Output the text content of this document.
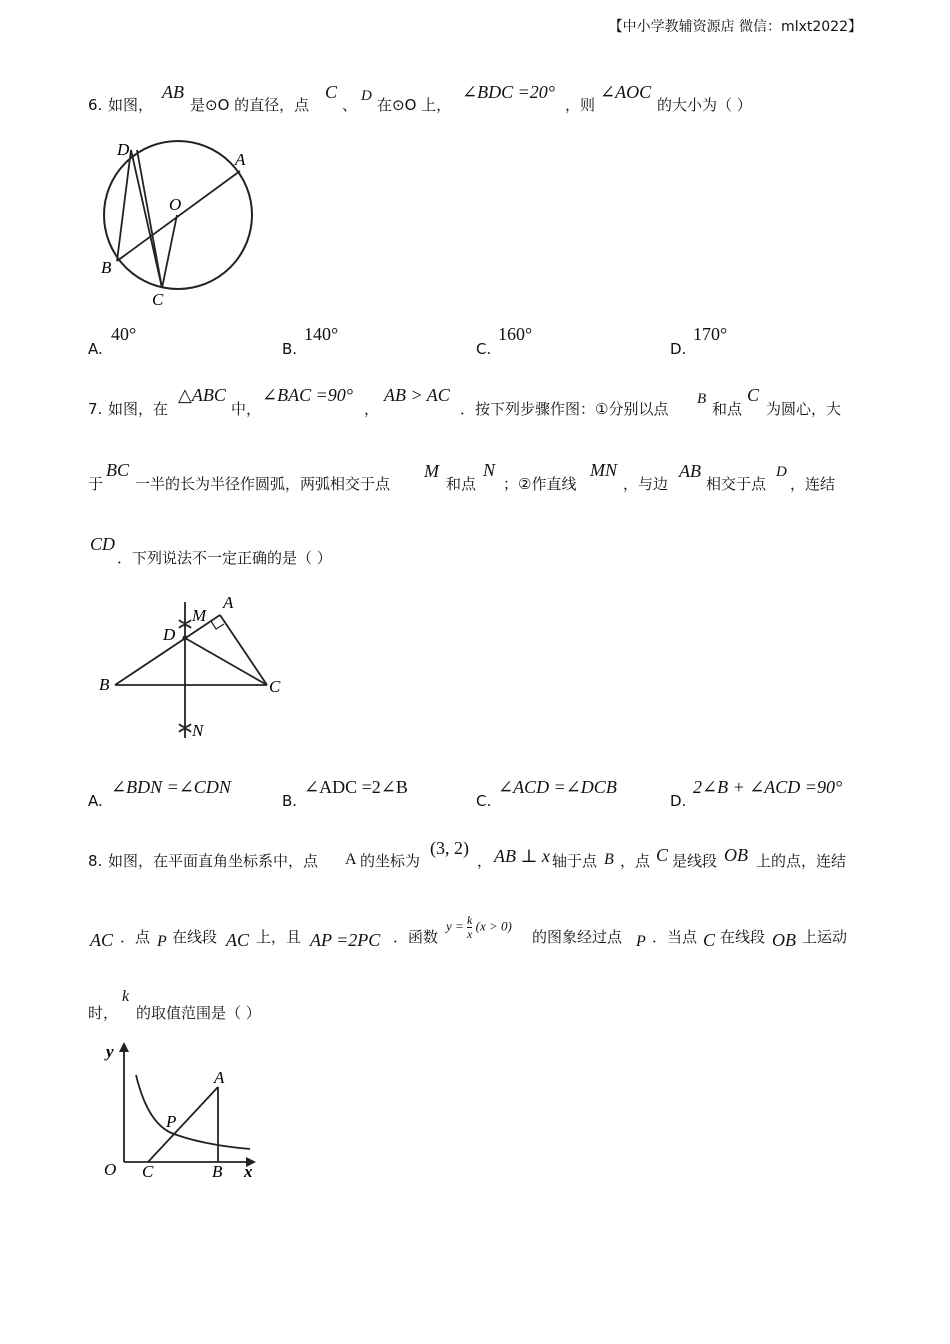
【中小学教辅资源店 微信：mlxt2022】
6. 如图，
AB
是⊙O 的直径，点
C
、 D 在⊙O 上，
∠BDC =20°
，则
∠AOC
的大小为（ ）
D
A
O
B
C
A.
40°
B.
140°
C.
160°
D.
170°
7. 如图，在
△ABC
中，
∠BAC =90°
，
AB > AC
．按下列步骤作图：①分别以点
B
和点
C
为圆心，大
于
BC
一半的长为半径作圆弧，两弧相交于点
M
和点
N
；②作直线
MN
，与边
AB
相交于点
D
，连结
CD
．下列说法不一定正确的是（ ）
M
A
D
B	C
N
A.
∠BDN =∠CDN
B.
∠ADC =2∠B
C.
∠ACD =∠DCB
D.
2∠B + ∠ACD =90°
8. 如图，在平面直角坐标系中，点 A 的坐标为
(3, 2)
， AB ⊥ x 轴于点 B ，点 C 是线段 OB 上的点，连结
AC ．点 P 在线段 AC 上，且 AP =2PC ．函数
$y = \frac{k}{x} (x > 0)$
的图象经过点 P ．当点 C 在线段 OB 上运动
时，
k
的取值范围是（ ）
y
A
P
O C	B x
